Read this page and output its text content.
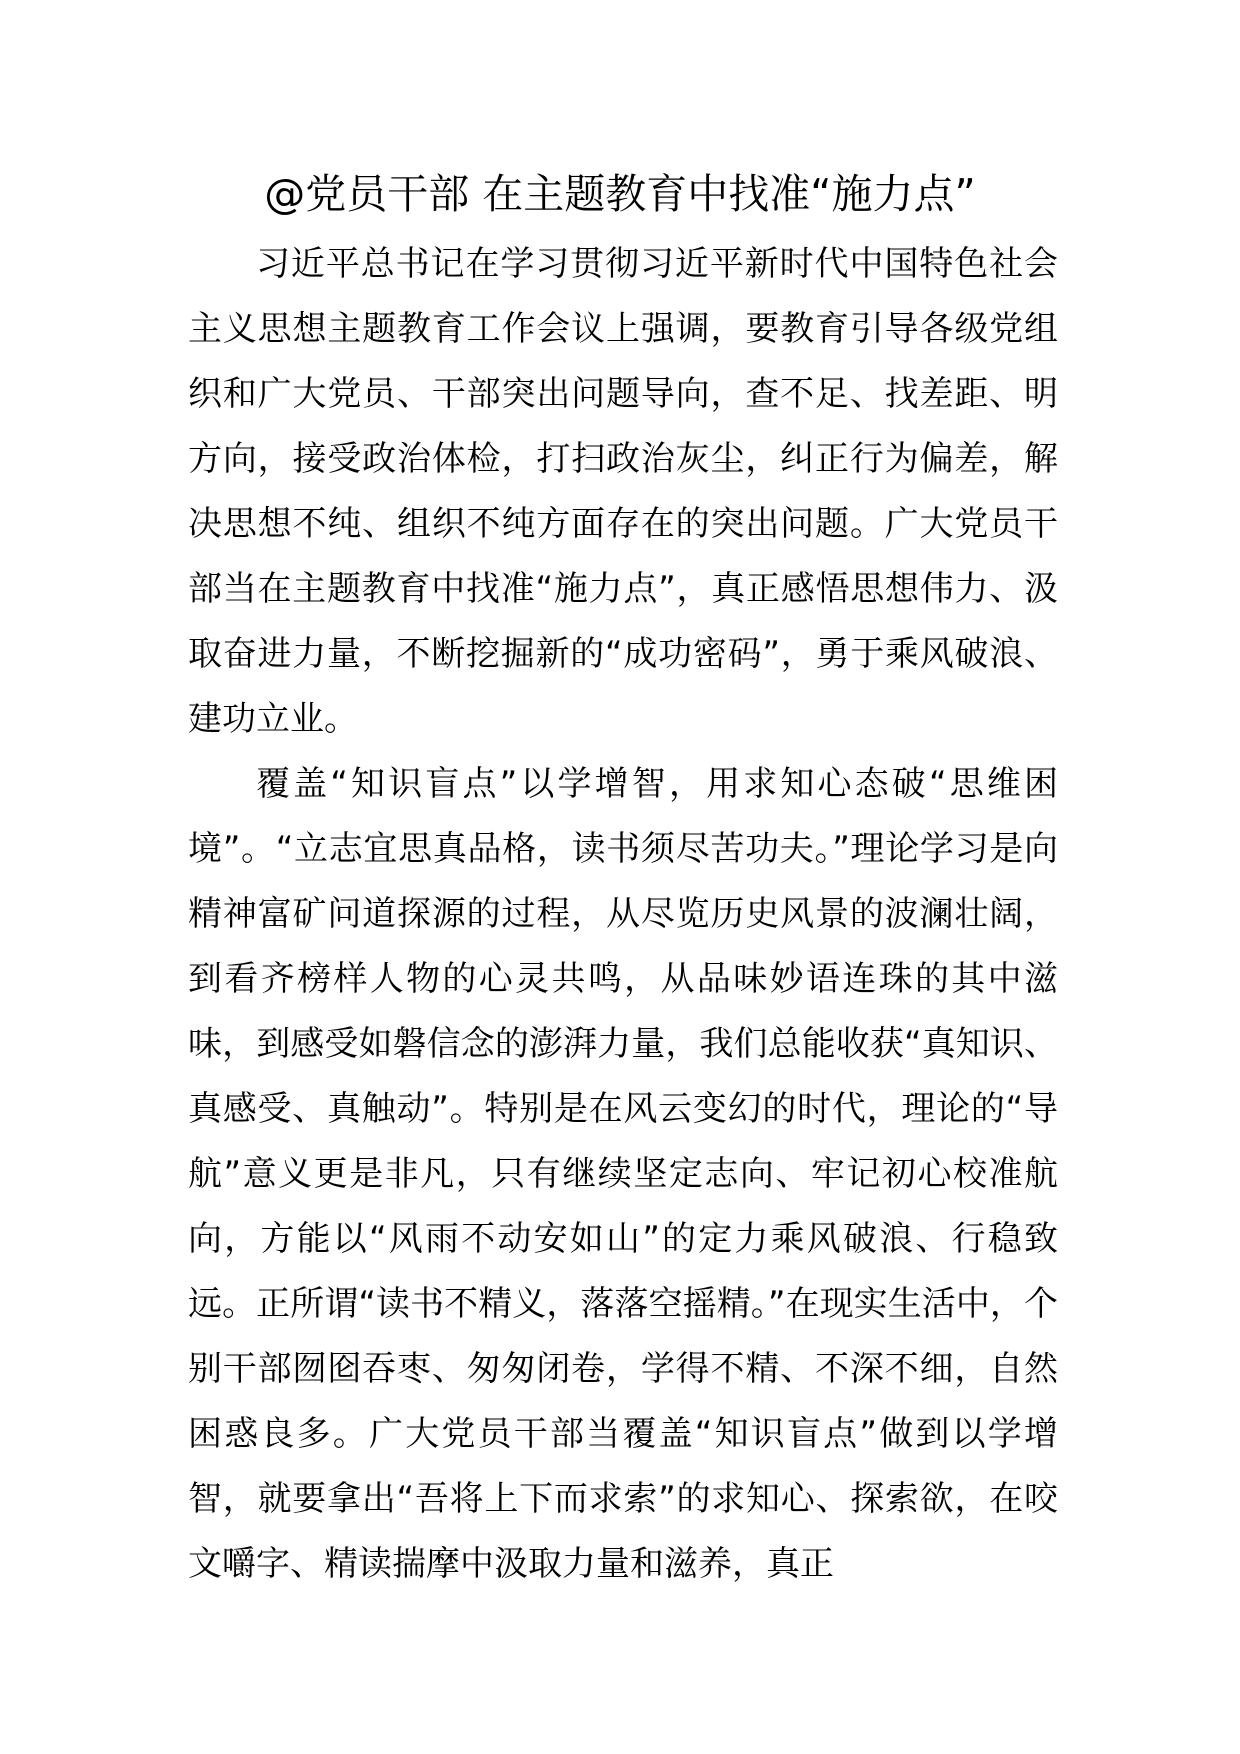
@党员干部 在主题教育中找准“施力点”

习近平总书记在学习贯彻习近平新时代中国特色社会主义思想主题教育工作会议上强调，要教育引导各级党组织和广大党员、干部突出问题导向，查不足、找差距、明方向，接受政治体检，打扫政治灰尘，纠正行为偏差，解决思想不纯、组织不纯方面存在的突出问题。广大党员干部当在主题教育中找准“施力点”，真正感悟思想伟力、汲取奋进力量，不断挖掘新的“成功密码”，勇于乘风破浪、建功立业。

覆盖“知识盲点”以学增智，用求知心态破“思维困境”。“立志宜思真品格，读书须尽苦功夫。”理论学习是向精神富矿问道探源的过程，从尽览历史风景的波澜壮阔，到看齐榜样人物的心灵共鸣，从品味妙语连珠的其中滋味，到感受如磐信念的澎湃力量，我们总能收获“真知识、真感受、真触动”。特别是在风云变幻的时代，理论的“导航”意义更是非凡，只有继续坚定志向、牢记初心校准航向，方能以“风雨不动安如山”的定力乘风破浪、行稳致远。正所谓“读书不精义，落落空摇精。”在现实生活中，个别干部囫囵吞枣、匆匆闭卷，学得不精、不深不细，自然困惑良多。广大党员干部当覆盖“知识盲点”做到以学增智，就要拿出“吾将上下而求索”的求知心、探索欲，在咬文嚼字、精读揣摩中汲取力量和滋养，真正
